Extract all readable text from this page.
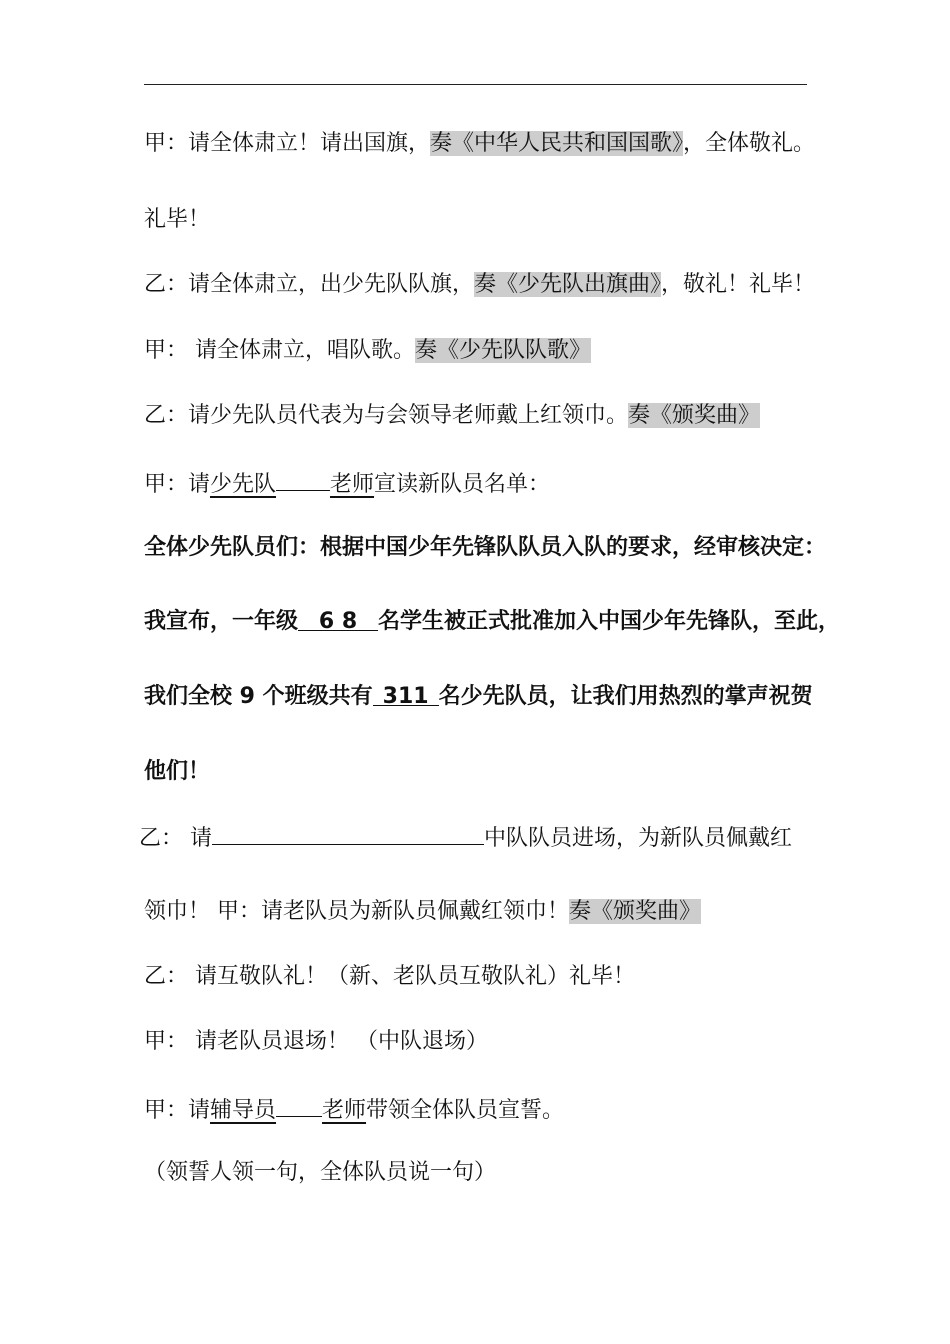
甲：请全体肃立！请出国旗，奏《中华人民共和国国歌》，全体敬礼。
礼毕！
乙：请全体肃立，出少先队队旗，奏《少先队出旗曲》，敬礼！礼毕！
甲： 请全体肃立，唱队歌。奏《少先队队歌》
乙：请少先队员代表为与会领导老师戴上红领巾。奏《颁奖曲》
甲：请少先队 老师宣读新队员名单：
全体少先队员们：根据中国少年先锋队队员入队的要求，经审核决定：
我宣布，一年级 6 8 名学生被正式批准加入中国少年先锋队，至此，
我们全校 9 个班级共有 311 名少先队员，让我们用热烈的掌声祝贺
他们！
乙： 请	中队队员进场，为新队员佩戴红
领巾！ 甲：请老队员为新队员佩戴红领巾！奏《颁奖曲》
乙： 请互敬队礼！（新、老队员互敬队礼）礼毕！
甲： 请老队员退场！ （中队退场）
甲：请辅导员 老师带领全体队员宣誓。
（领誓人领一句，全体队员说一句）
